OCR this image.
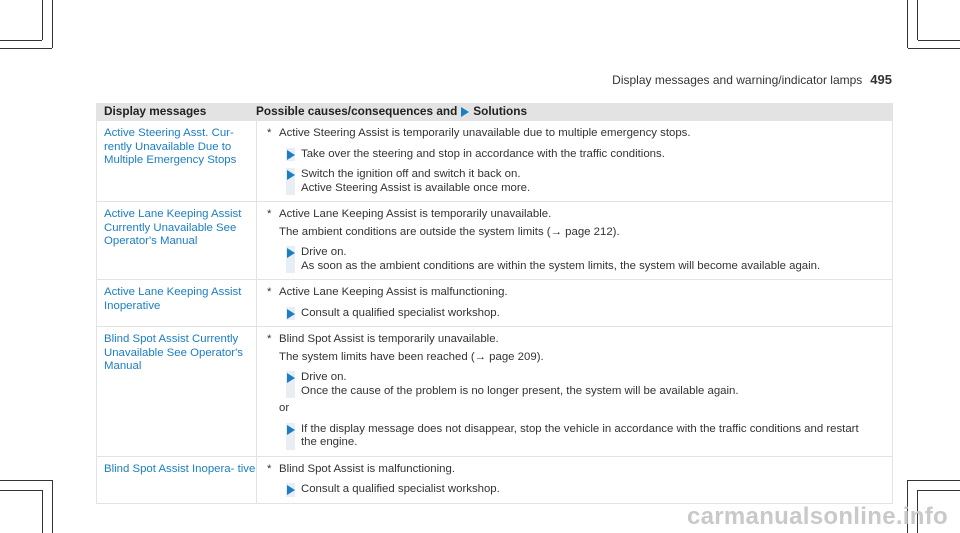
Display messages and warning/indicator lamps 495
Display messages	Possible causes/consequences and Solutions
Active Steering Asst. Cur- rently Unavailable Due to Multiple Emergency Stops
* Active Steering Assist is temporarily unavailable due to multiple emergency stops.
Take over the steering and stop in accordance with the traffic conditions.
Switch the ignition off and switch it back on.
Active Steering Assist is available once more.
Active Lane Keeping Assist Currently Unavailable See Operator's Manual
* Active Lane Keeping Assist is temporarily unavailable.
The ambient conditions are outside the system limits (→ page 212).
Drive on.
As soon as the ambient conditions are within the system limits, the system will become available again.
Active Lane Keeping Assist Inoperative
* Active Lane Keeping Assist is malfunctioning.
Consult a qualified specialist workshop.
Blind Spot Assist Currently Unavailable See Operator's Manual
* Blind Spot Assist is temporarily unavailable.
The system limits have been reached (→ page 209).
Drive on.
Once the cause of the problem is no longer present, the system will be available again.
or
If the display message does not disappear, stop the vehicle in accordance with the traffic conditions and restart
the engine.
Blind Spot Assist Inopera- tive * Blind Spot Assist is malfunctioning.
Consult a qualified specialist workshop.
carmanualsonline.info
